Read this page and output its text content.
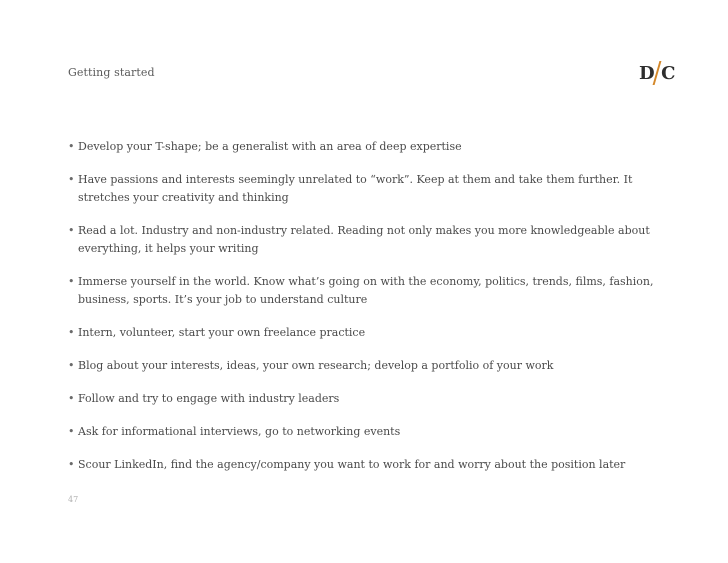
Getting started	D C
• Develop your T-shape; be a generalist with an area of deep expertise
• Have passions and interests seemingly unrelated to “work”. Keep at them and take them further. It stretches your creativity and thinking
• Read a lot. Industry and non-industry related. Reading not only makes you more knowledgeable about everything, it helps your writing
• Immerse yourself in the world. Know what’s going on with the economy, politics, trends, films, fashion, business, sports. It’s your job to understand culture
• Intern, volunteer, start your own freelance practice
• Blog about your interests, ideas, your own research; develop a portfolio of your work
• Follow and try to engage with industry leaders
• Ask for informational interviews, go to networking events
• Scour LinkedIn, find the agency/company you want to work for and worry about the position later
47
